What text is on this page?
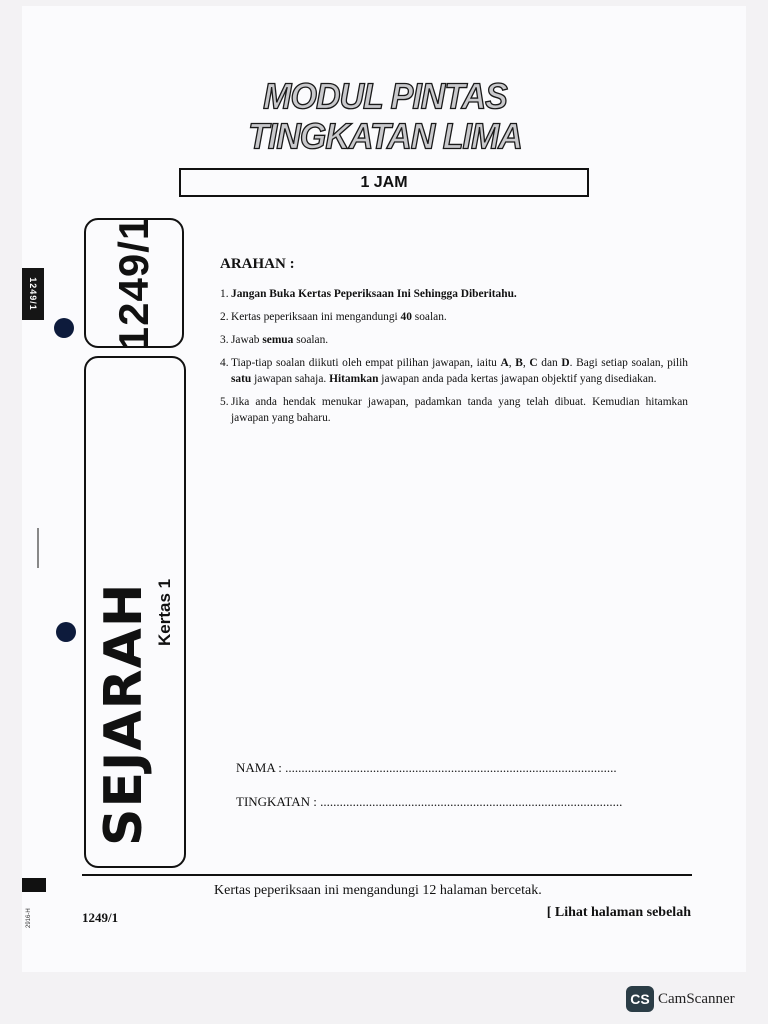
MODUL PINTAS
TINGKATAN LIMA
1 JAM
1249/1
2916-H
1249/1
SEJARAH Kertas 1
ARAHAN :
1. Jangan Buka Kertas Peperiksaan Ini Sehingga Diberitahu.
2. Kertas peperiksaan ini mengandungi 40 soalan.
3. Jawab semua soalan.
4. Tiap-tiap soalan diikuti oleh empat pilihan jawapan, iaitu A, B, C dan D. Bagi setiap soalan, pilih satu jawapan sahaja. Hitamkan jawapan anda pada kertas jawapan objektif yang disediakan.
5. Jika anda hendak menukar jawapan, padamkan tanda yang telah dibuat. Kemudian hitamkan jawapan yang baharu.
NAMA : ......................................................................................................
TINGKATAN : .............................................................................................
Kertas peperiksaan ini mengandungi 12 halaman bercetak.
1249/1	[ Lihat halaman sebelah
CS CamScanner
